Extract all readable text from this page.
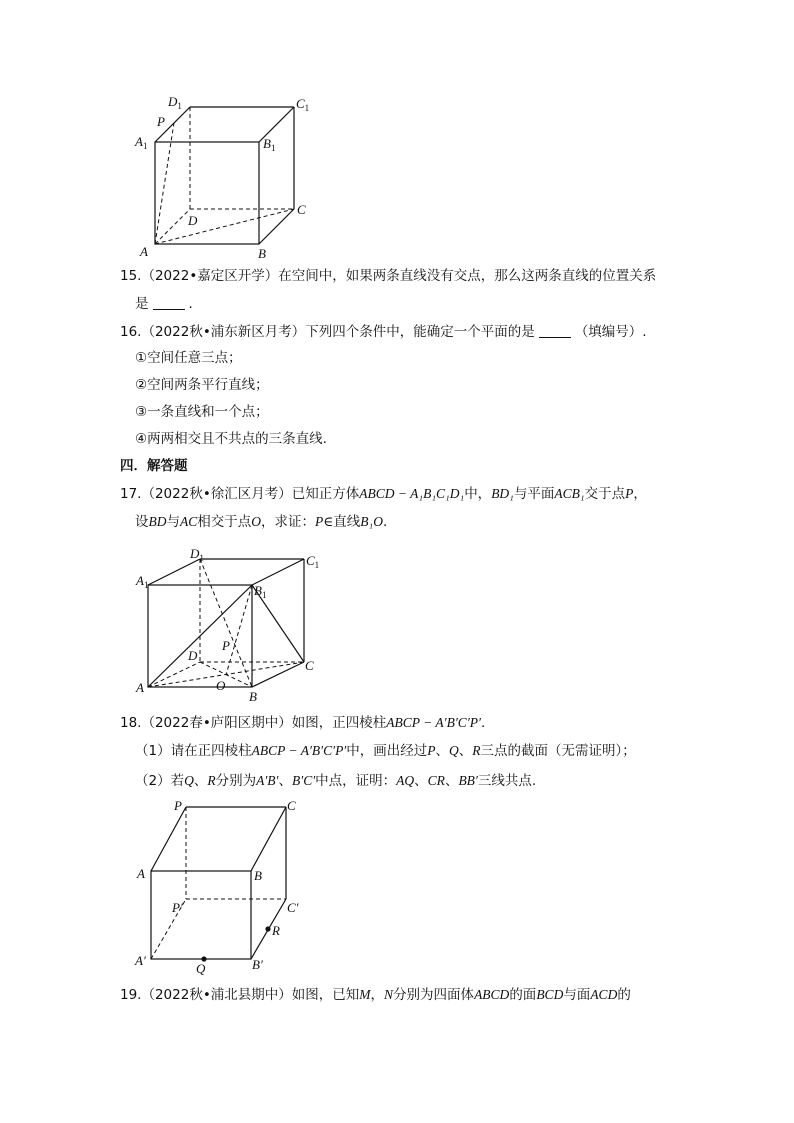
$D_1$	$C_1$
P
$A_1$	$B_1$
D
C
A	B
15.（2022•嘉定区开学）在空间中，如果两条直线没有交点，那么这两条直线的位置关系
是	.
16.（2022秋•浦东新区月考）下列四个条件中，能确定一个平面的是	（填编号）.
①空间任意三点；
②空间两条平行直线；
③一条直线和一个点；
④两两相交且不共点的三条直线.
四．解答题
17.（2022秋•徐汇区月考）已知正方体ABCD − A₁B₁C₁D₁中，BD₁与平面ACB₁交于点P，
设BD与AC相交于点O，求证：P∈直线B₁O.
$D_1$	$C_1$
$A_1$	$B_1$
P
D
C
A	O
B
18.（2022春•庐阳区期中）如图，正四棱柱ABCP − A′B′C′P′.
（1）请在正四棱柱ABCP − A′B′C′P′中，画出经过P、Q、R三点的截面（无需证明）；
（2）若Q、R分别为A′B′、B′C′中点，证明：AQ、CR、BB′三线共点.
P	C
A	B
P′	C′
R
A′
Q	B′
19.（2022秋•浦北县期中）如图，已知M，N分别为四面体ABCD的面BCD与面ACD的
